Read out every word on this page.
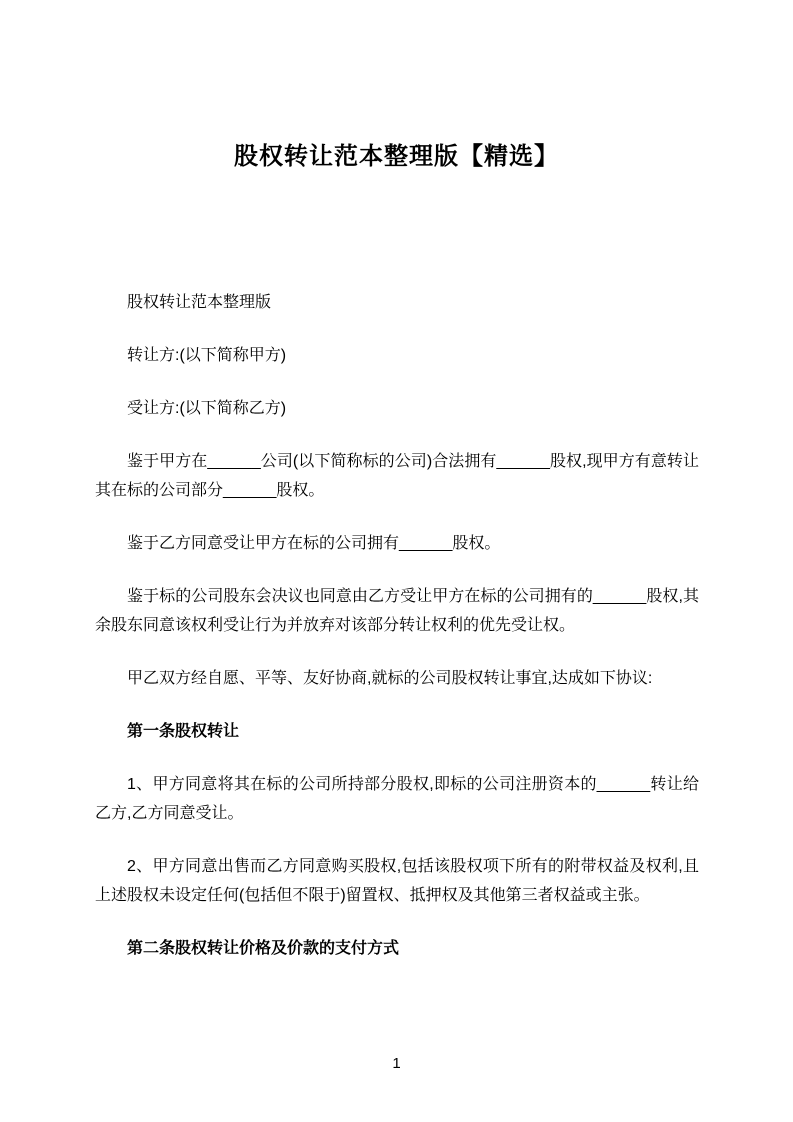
股权转让范本整理版【精选】

股权转让范本整理版

转让方:(以下简称甲方)

受让方:(以下简称乙方)

鉴于甲方在______公司(以下简称标的公司)合法拥有______股权,现甲方有意转让其在标的公司部分______股权。

鉴于乙方同意受让甲方在标的公司拥有______股权。

鉴于标的公司股东会决议也同意由乙方受让甲方在标的公司拥有的______股权,其余股东同意该权利受让行为并放弃对该部分转让权利的优先受让权。

甲乙双方经自愿、平等、友好协商,就标的公司股权转让事宜,达成如下协议:

第一条股权转让

1、甲方同意将其在标的公司所持部分股权,即标的公司注册资本的______转让给乙方,乙方同意受让。

2、甲方同意出售而乙方同意购买股权,包括该股权项下所有的附带权益及权利,且上述股权未设定任何(包括但不限于)留置权、抵押权及其他第三者权益或主张。

第二条股权转让价格及价款的支付方式

1
